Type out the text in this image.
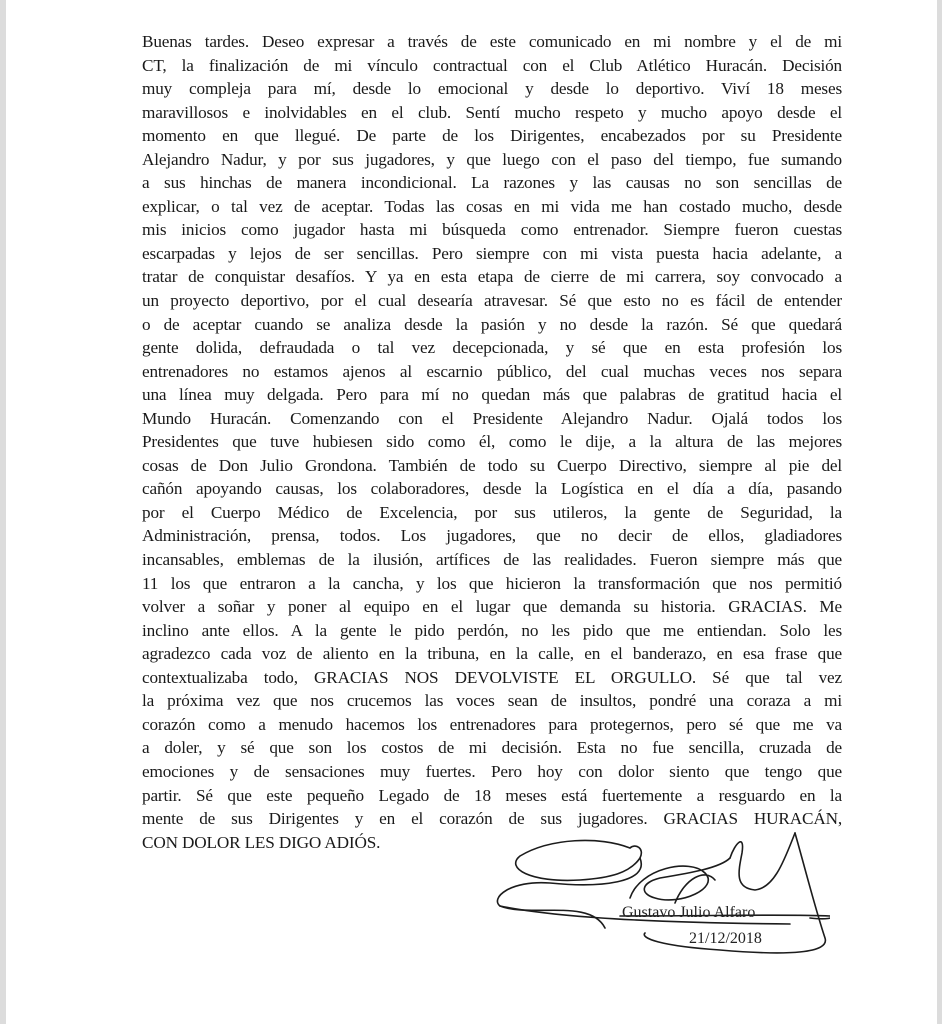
Buenas tardes. Deseo expresar a través de este comunicado en mi nombre y el de mi
CT, la finalización de mi vínculo contractual con el Club Atlético Huracán. Decisión
muy compleja para mí, desde lo emocional y desde lo deportivo. Viví 18 meses
maravillosos e inolvidables en el club. Sentí mucho respeto y mucho apoyo desde el
momento en que llegué. De parte de los Dirigentes, encabezados por su Presidente
Alejandro Nadur, y por sus jugadores, y que luego con el paso del tiempo, fue sumando
a sus hinchas de manera incondicional. La razones y las causas no son sencillas de
explicar, o tal vez de aceptar. Todas las cosas en mi vida me han costado mucho, desde
mis inicios como jugador hasta mi búsqueda como entrenador. Siempre fueron cuestas
escarpadas y lejos de ser sencillas. Pero siempre con mi vista puesta hacia adelante, a
tratar de conquistar desafíos. Y ya en esta etapa de cierre de mi carrera, soy convocado a
un proyecto deportivo, por el cual desearía atravesar. Sé que esto no es fácil de entender
o de aceptar cuando se analiza desde la pasión y no desde la razón. Sé que quedará
gente dolida, defraudada o tal vez decepcionada, y sé que en esta profesión los
entrenadores no estamos ajenos al escarnio público, del cual muchas veces nos separa
una línea muy delgada. Pero para mí no quedan más que palabras de gratitud hacia el
Mundo Huracán. Comenzando con el Presidente Alejandro Nadur. Ojalá todos los
Presidentes que tuve hubiesen sido como él, como le dije, a la altura de las mejores
cosas de Don Julio Grondona. También de todo su Cuerpo Directivo, siempre al pie del
cañón apoyando causas, los colaboradores, desde la Logística en el día a día, pasando
por el Cuerpo Médico de Excelencia, por sus utileros, la gente de Seguridad, la
Administración, prensa, todos. Los jugadores, que no decir de ellos, gladiadores
incansables, emblemas de la ilusión, artífices de las realidades. Fueron siempre más que
11 los que entraron a la cancha, y los que hicieron la transformación que nos permitió
volver a soñar y poner al equipo en el lugar que demanda su historia. GRACIAS. Me
inclino ante ellos. A la gente le pido perdón, no les pido que me entiendan. Solo les
agradezco cada voz de aliento en la tribuna, en la calle, en el banderazo, en esa frase que
contextualizaba todo, GRACIAS NOS DEVOLVISTE EL ORGULLO. Sé que tal vez
la próxima vez que nos crucemos las voces sean de insultos, pondré una coraza a mi
corazón como a menudo hacemos los entrenadores para protegernos, pero sé que me va
a doler, y sé que son los costos de mi decisión. Esta no fue sencilla, cruzada de
emociones y de sensaciones muy fuertes. Pero hoy con dolor siento que tengo que
partir. Sé que este pequeño Legado de 18 meses está fuertemente a resguardo en la
mente de sus Dirigentes y en el corazón de sus jugadores. GRACIAS HURACÁN,
CON DOLOR LES DIGO ADIÓS.
Gustavo Julio Alfaro
21/12/2018
